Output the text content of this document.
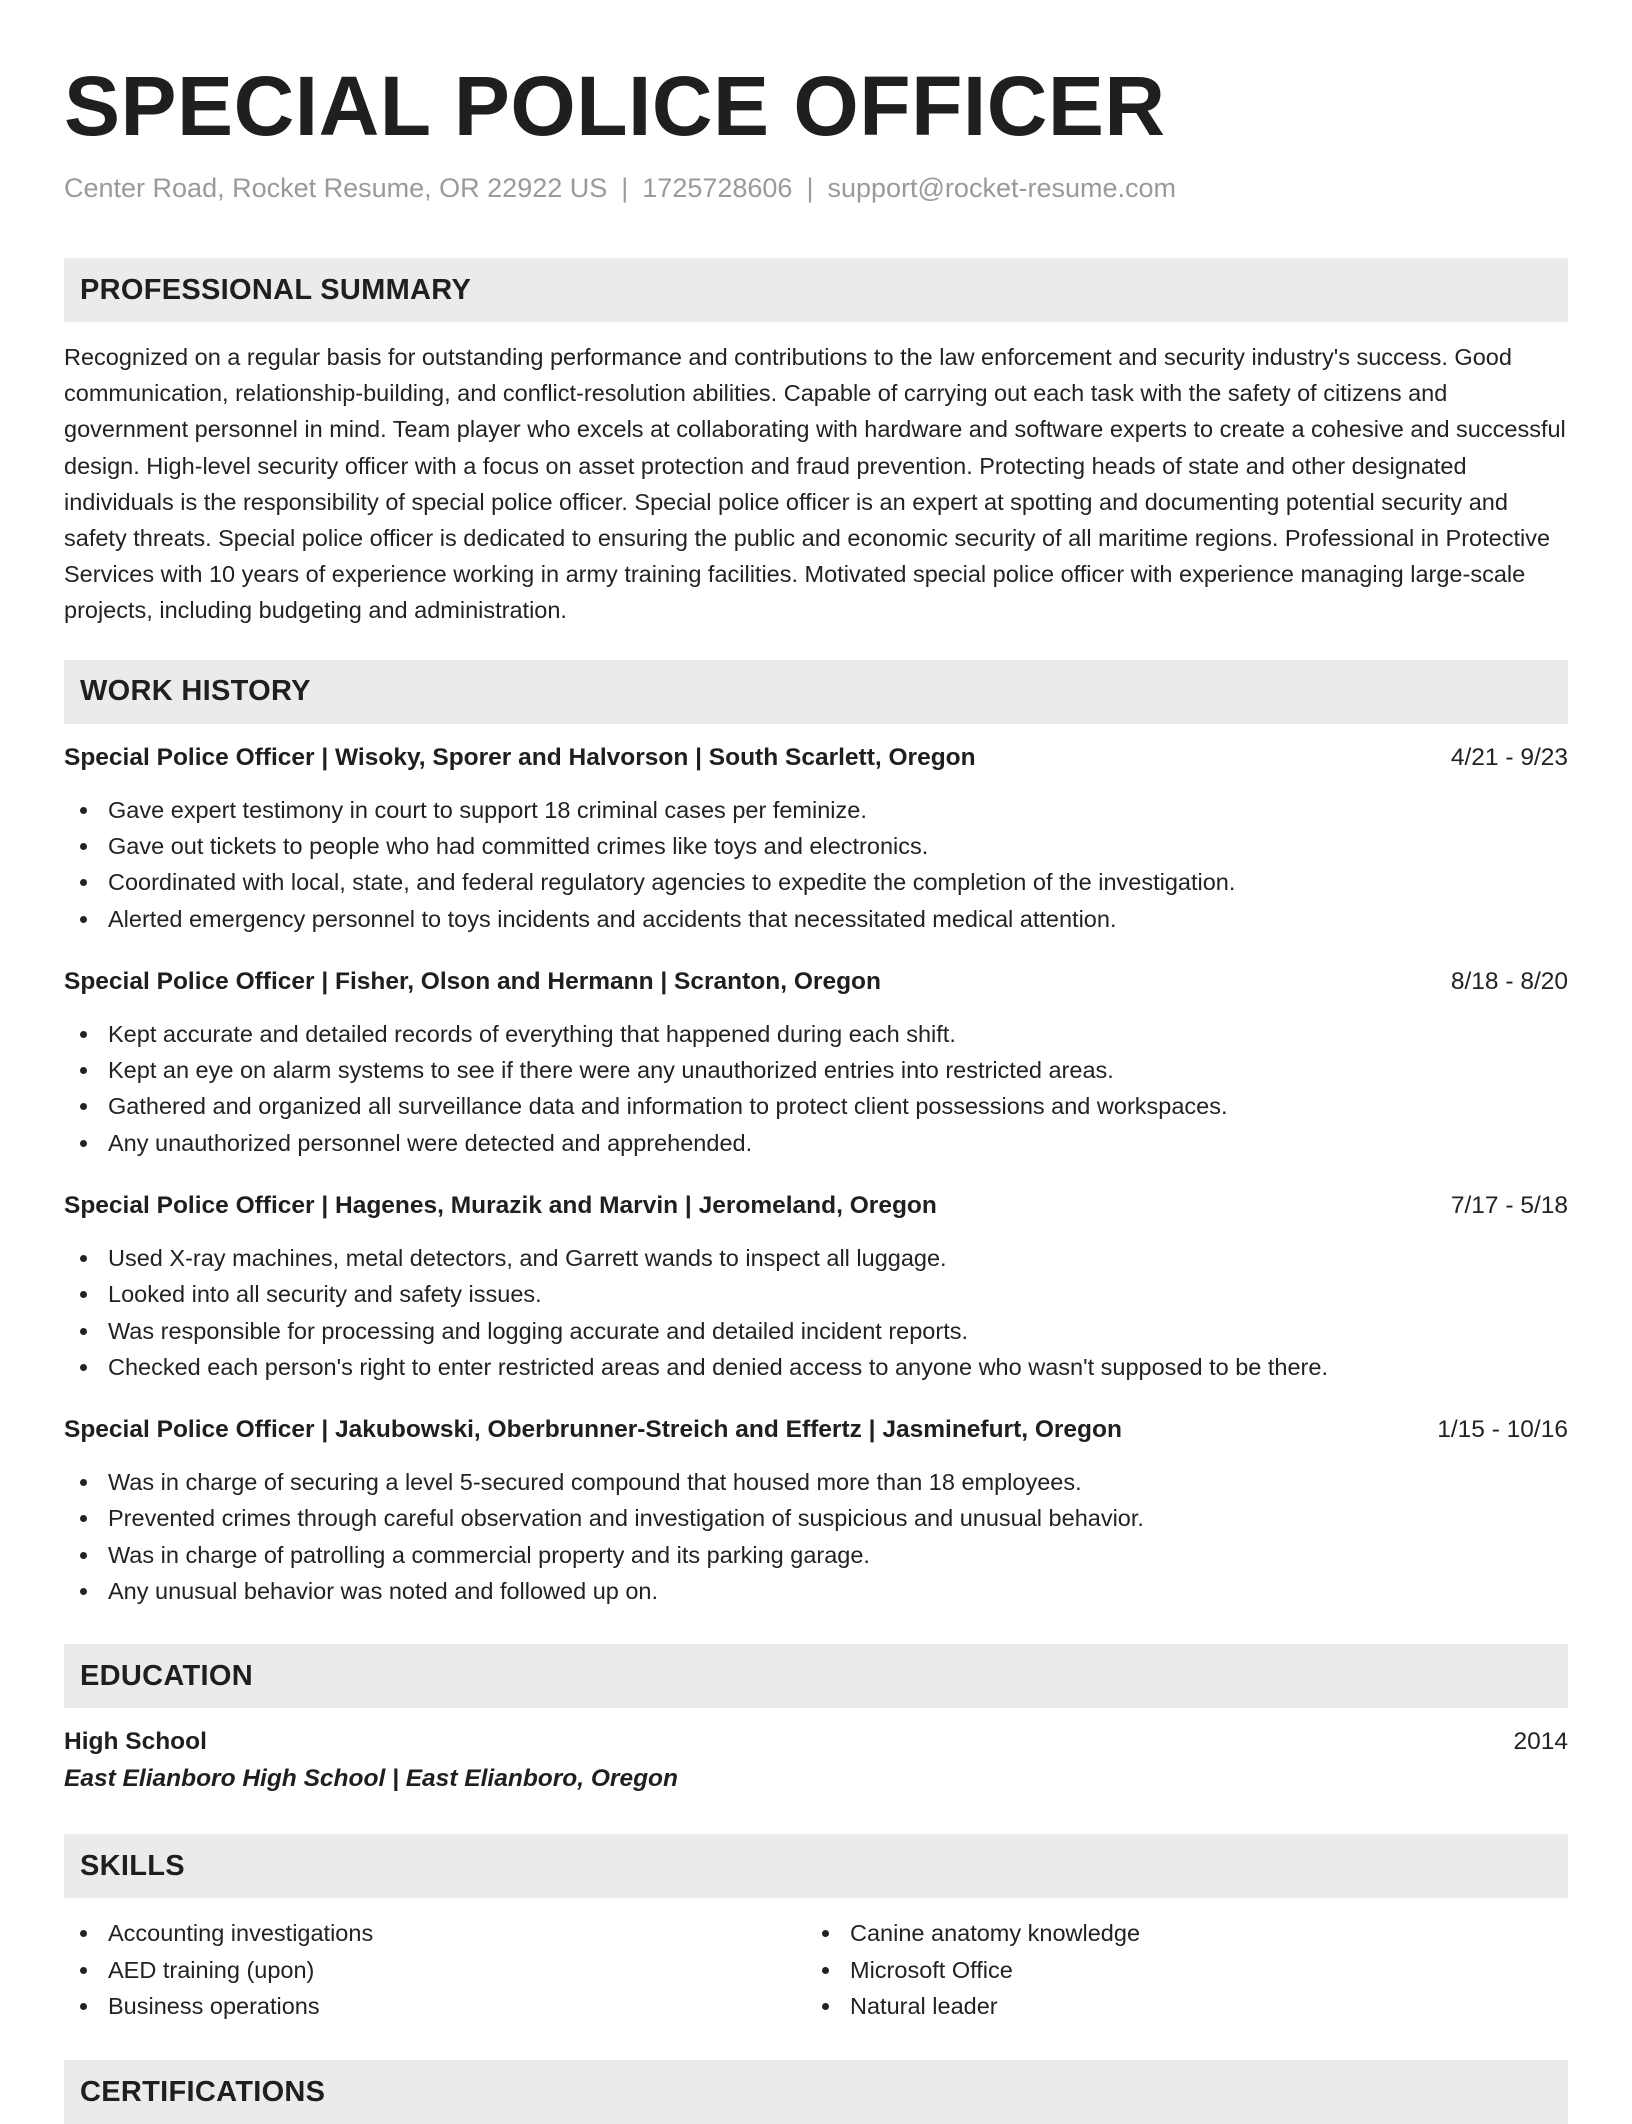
SPECIAL POLICE OFFICER
Center Road, Rocket Resume, OR 22922 US | 1725728606 | support@rocket-resume.com
PROFESSIONAL SUMMARY
Recognized on a regular basis for outstanding performance and contributions to the law enforcement and security industry's success. Good communication, relationship-building, and conflict-resolution abilities. Capable of carrying out each task with the safety of citizens and government personnel in mind. Team player who excels at collaborating with hardware and software experts to create a cohesive and successful design. High-level security officer with a focus on asset protection and fraud prevention. Protecting heads of state and other designated individuals is the responsibility of special police officer. Special police officer is an expert at spotting and documenting potential security and safety threats. Special police officer is dedicated to ensuring the public and economic security of all maritime regions. Professional in Protective Services with 10 years of experience working in army training facilities. Motivated special police officer with experience managing large-scale projects, including budgeting and administration.
WORK HISTORY
Special Police Officer | Wisoky, Sporer and Halvorson | South Scarlett, Oregon	4/21 - 9/23
Gave expert testimony in court to support 18 criminal cases per feminize.
Gave out tickets to people who had committed crimes like toys and electronics.
Coordinated with local, state, and federal regulatory agencies to expedite the completion of the investigation.
Alerted emergency personnel to toys incidents and accidents that necessitated medical attention.
Special Police Officer | Fisher, Olson and Hermann | Scranton, Oregon	8/18 - 8/20
Kept accurate and detailed records of everything that happened during each shift.
Kept an eye on alarm systems to see if there were any unauthorized entries into restricted areas.
Gathered and organized all surveillance data and information to protect client possessions and workspaces.
Any unauthorized personnel were detected and apprehended.
Special Police Officer | Hagenes, Murazik and Marvin | Jeromeland, Oregon	7/17 - 5/18
Used X-ray machines, metal detectors, and Garrett wands to inspect all luggage.
Looked into all security and safety issues.
Was responsible for processing and logging accurate and detailed incident reports.
Checked each person's right to enter restricted areas and denied access to anyone who wasn't supposed to be there.
Special Police Officer | Jakubowski, Oberbrunner-Streich and Effertz | Jasminefurt, Oregon	1/15 - 10/16
Was in charge of securing a level 5-secured compound that housed more than 18 employees.
Prevented crimes through careful observation and investigation of suspicious and unusual behavior.
Was in charge of patrolling a commercial property and its parking garage.
Any unusual behavior was noted and followed up on.
EDUCATION
High School	2014
East Elianboro High School | East Elianboro, Oregon
SKILLS
Accounting investigations
AED training (upon)
Business operations
Canine anatomy knowledge
Microsoft Office
Natural leader
CERTIFICATIONS
